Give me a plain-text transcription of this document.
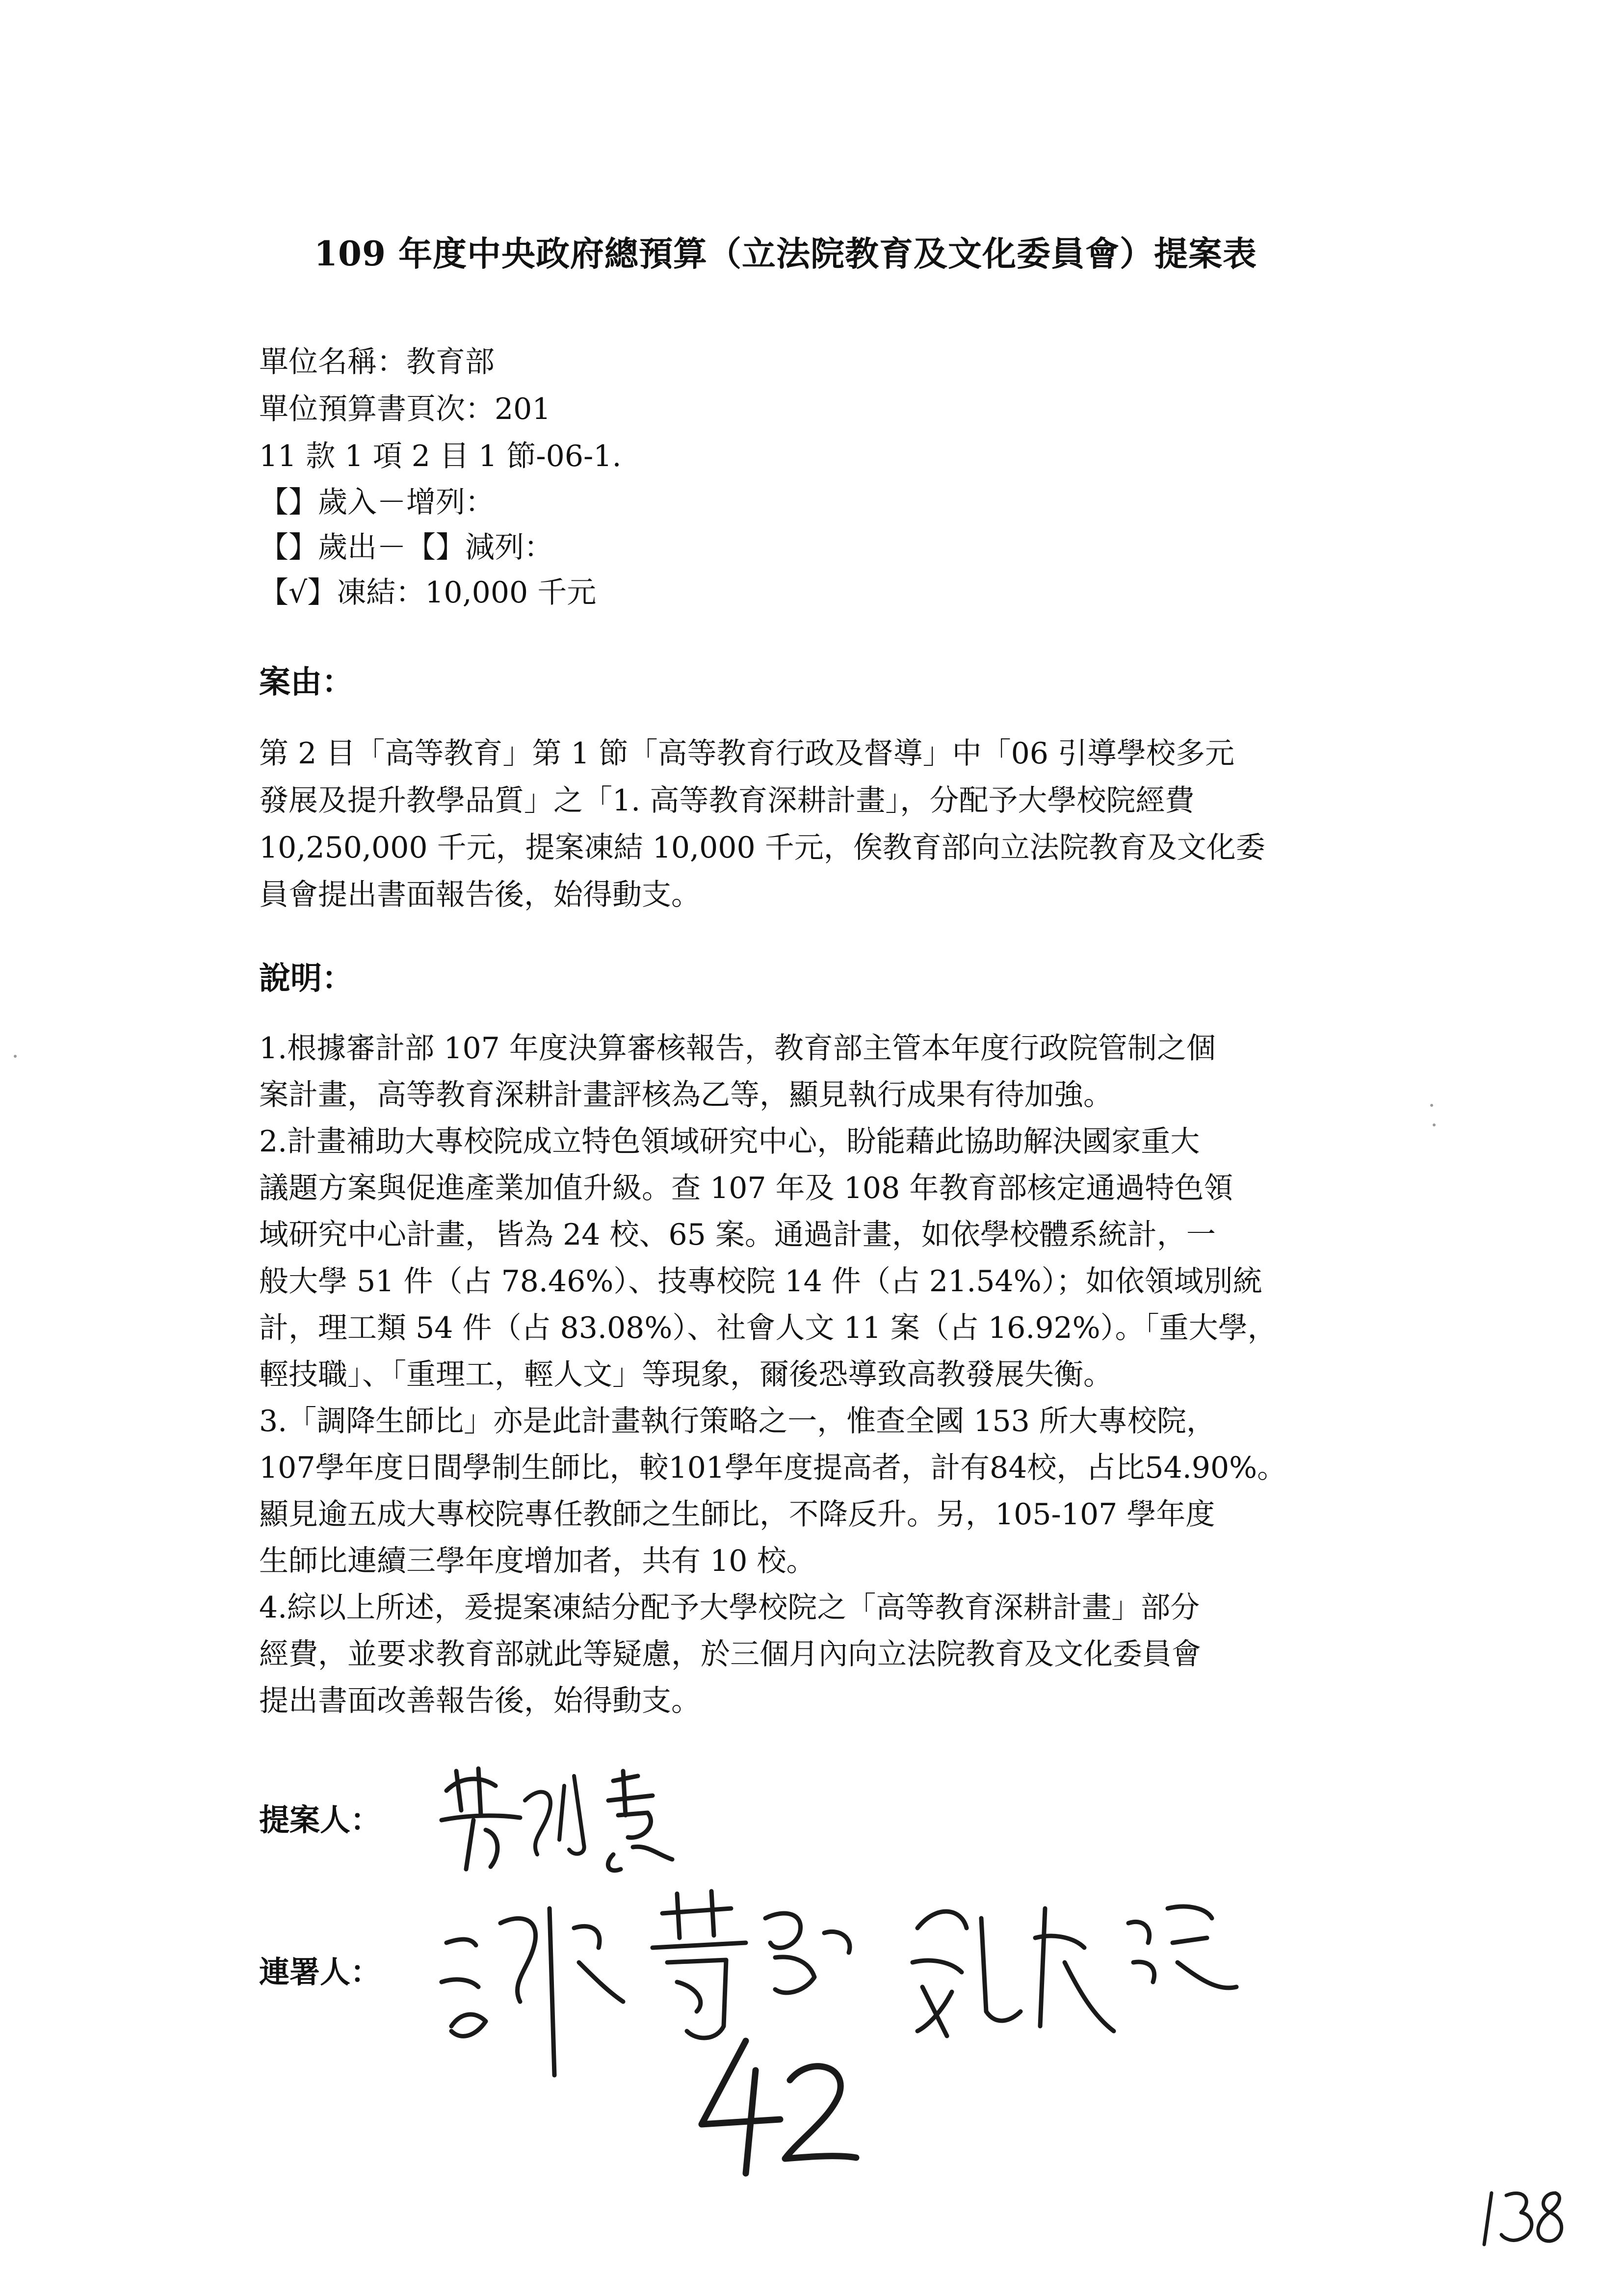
109 年度中央政府總預算（立法院教育及文化委員會）提案表
單位名稱：教育部
單位預算書頁次：201
11 款 1 項 2 目 1 節-06-1.
【】歲入－增列：
【】歲出－【】減列：
【√】凍結：10,000 千元
案由：
第 2 目「高等教育」第 1 節「高等教育行政及督導」中「06 引導學校多元
發展及提升教學品質」之「1. 高等教育深耕計畫」，分配予大學校院經費
10,250,000 千元，提案凍結 10,000 千元，俟教育部向立法院教育及文化委
員會提出書面報告後，始得動支。
說明：
1.根據審計部 107 年度決算審核報告，教育部主管本年度行政院管制之個
案計畫，高等教育深耕計畫評核為乙等，顯見執行成果有待加強。
2.計畫補助大專校院成立特色領域研究中心，盼能藉此協助解決國家重大
議題方案與促進產業加值升級。查 107 年及 108 年教育部核定通過特色領
域研究中心計畫，皆為 24 校、65 案。通過計畫，如依學校體系統計，一
般大學 51 件（占 78.46%）、技專校院 14 件（占 21.54%）；如依領域別統
計，理工類 54 件（占 83.08%）、社會人文 11 案（占 16.92%）。「重大學，
輕技職」、「重理工，輕人文」等現象，爾後恐導致高教發展失衡。
3.「調降生師比」亦是此計畫執行策略之一，惟查全國 153 所大專校院，
107學年度日間學制生師比，較101學年度提高者，計有84校，占比54.90%。
顯見逾五成大專校院專任教師之生師比，不降反升。另，105-107 學年度
生師比連續三學年度增加者，共有 10 校。
4.綜以上所述，爰提案凍結分配予大學校院之「高等教育深耕計畫」部分
經費，並要求教育部就此等疑慮，於三個月內向立法院教育及文化委員會
提出書面改善報告後，始得動支。
提案人：
連署人：
